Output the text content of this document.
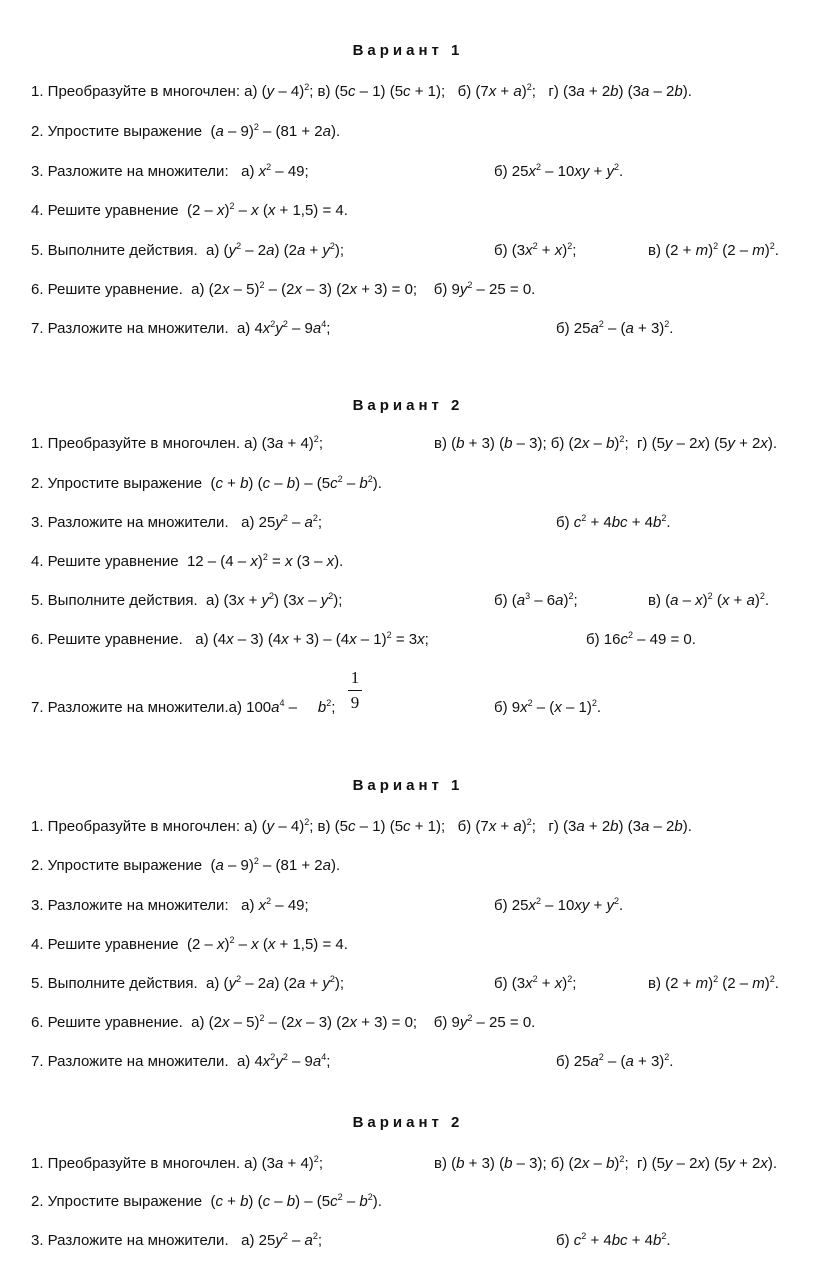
Вариант 1
1. Преобразуйте в многочлен: а) (y – 4)$^2$; в) (5c – 1) (5c + 1);   б) $(7x + a)^2$;   г) (3a + 2b) (3a – 2b).
2. Упростите выражение  (a – 9)$^2$ – (81 + 2a).
3. Разложите на множители:   а) $x^2 - 49$;	б) $25x^2 - 10xy + y^2$.
4. Решите уравнение  (2 – x)$^2$ – x (x + 1,5) = 4.
5. Выполните действия.  а) $(y^2 - 2a) (2a + y^2)$;	б) $(3x^2 + x)^2$;	в) $(2 + m)^2$ (2 – m)$^2$.
6. Решите уравнение.  а) (2x – 5)$^2$ – (2x – 3) (2x + 3) = 0;    б) $9y^2 - 25 = 0$.
7. Разложите на множители.  а) $4x^2y^2 - 9a^4$;	б) $25a^2 - (a + 3)^2$.
Вариант 2
1. Преобразуйте в многочлен. а) $(3a + 4)^2$;	в) (b + 3) (b – 3); б) (2x – b)$^2$;  г) (5y – 2x) (5y + 2x).
2. Упростите выражение  (c + b) $(c - b) - (5c^2 - b^2)$.
3. Разложите на множители.   а) $25y^2 - a^2$;	б) $c^2 + 4bc + 4b^2$.
4. Решите уравнение  12 – (4 – x)$^2$ = x (3 – x).
5. Выполните действия.  а) $(3x + y^2)$ $(3x - y^2)$;	б) $(a^3 - 6a)^2$;	в) (a – x)$^2$ $(x + a)^2$.
6. Решите уравнение.   а) (4x – 3) (4x + 3) – (4x – 1)$^2$ = 3x;	б) $16c^2 - 49 = 0$.
1
9
7. Разложите на множители.а) $100a^4$ –     $b^2$;	б) $9x^2 - (x - 1)^2$.
Вариант 1
1. Преобразуйте в многочлен: а) (y – 4)$^2$; в) (5c – 1) (5c + 1);   б) $(7x + a)^2$;   г) (3a + 2b) (3a – 2b).
2. Упростите выражение  (a – 9)$^2$ – (81 + 2a).
3. Разложите на множители:   а) $x^2 - 49$;	б) $25x^2 - 10xy + y^2$.
4. Решите уравнение  (2 – x)$^2$ – x (x + 1,5) = 4.
5. Выполните действия.  а) $(y^2 - 2a) (2a + y^2)$;	б) $(3x^2 + x)^2$;	в) $(2 + m)^2$ (2 – m)$^2$.
6. Решите уравнение.  а) (2x – 5)$^2$ – (2x – 3) (2x + 3) = 0;    б) $9y^2 - 25 = 0$.
7. Разложите на множители.  а) $4x^2y^2 - 9a^4$;	б) $25a^2 - (a + 3)^2$.
Вариант 2
1. Преобразуйте в многочлен. а) $(3a + 4)^2$;	в) (b + 3) (b – 3); б) (2x – b)$^2$;  г) (5y – 2x) (5y + 2x).
2. Упростите выражение  (c + b) $(c - b) - (5c^2 - b^2)$.
3. Разложите на множители.   а) $25y^2 - a^2$;	б) $c^2 + 4bc + 4b^2$.
